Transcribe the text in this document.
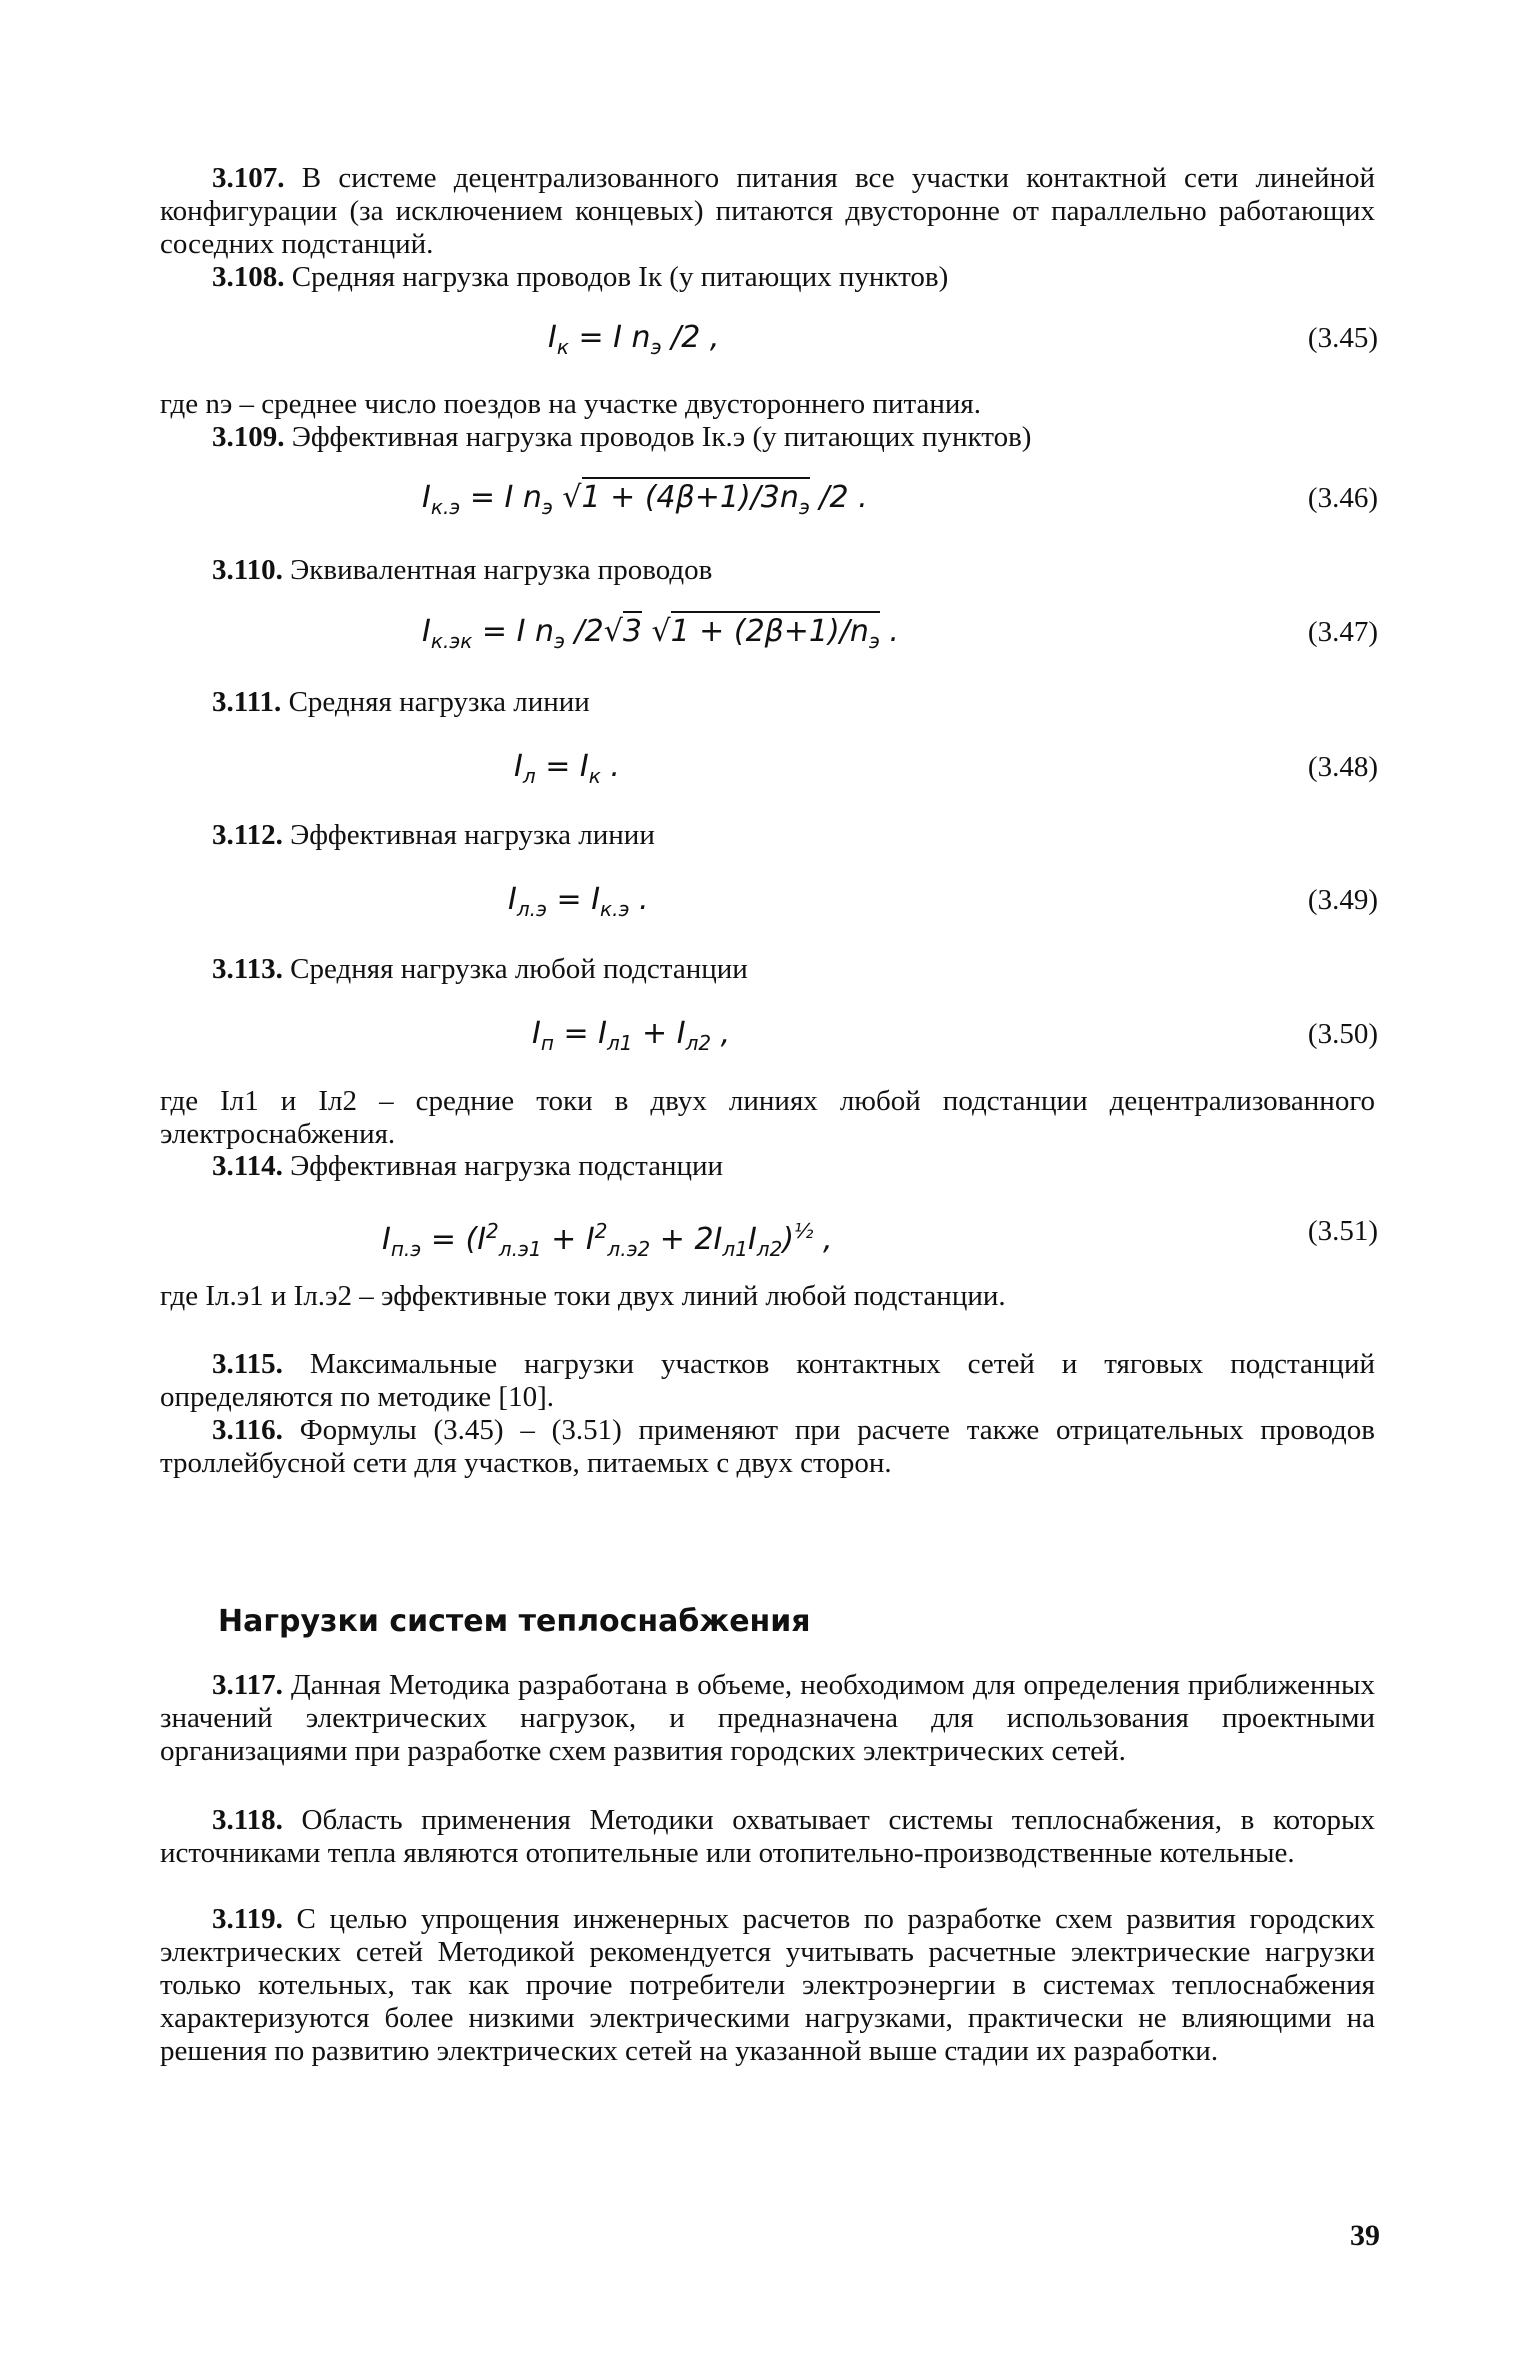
3.107. В системе децентрализованного питания все участки контактной сети линейной конфигурации (за исключением концевых) питаются двусторонне от параллельно работающих соседних подстанций.

3.108. Средняя нагрузка проводов Iк (у питающих пунктов)

$I_к = I$ $n_э$ /2 ,	(3.45)

где nэ – среднее число поездов на участке двустороннего питания.

3.109. Эффективная нагрузка проводов Iк.э (у питающих пунктов)

$I_{к.э} = I$ $n_э$ $√1 + (4\beta+1)/3n_э$ /2 .	(3.46)

3.110. Эквивалентная нагрузка проводов

$I_{к.эк} = I$ $n_э$ /2√3 $√1 + (2\beta+1)/n_э$ .	(3.47)

3.111. Средняя нагрузка линии

$I_л = I_к$ .	(3.48)

3.112. Эффективная нагрузка линии

$I_{л.э} = I_{к.э}$ .	(3.49)

3.113. Средняя нагрузка любой подстанции

$I_п = I_{л1} + I_{л2}$ ,	(3.50)

где Iл1 и Iл2 – средние токи в двух линиях любой подстанции децентрализованного электроснабжения.

3.114. Эффективная нагрузка подстанции

$I_{п.э} = (I^2_{л.э1} + I^2_{л.э2} + 2I_{л1}I_{л2})^{\frac{1}{2}}$ ,	(3.51)

где Iл.э1 и Iл.э2 – эффективные токи двух линий любой подстанции.

3.115. Максимальные нагрузки участков контактных сетей и тяговых подстанций определяются по методике [10].

3.116. Формулы (3.45) – (3.51) применяют при расчете также отрицательных проводов троллейбусной сети для участков, питаемых с двух сторон.

Нагрузки систем теплоснабжения

3.117. Данная Методика разработана в объеме, необходимом для определения приближенных значений электрических нагрузок, и предназначена для использования проектными организациями при разработке схем развития городских электрических сетей.

3.118. Область применения Методики охватывает системы теплоснабжения, в которых источниками тепла являются отопительные или отопительно-производственные котельные.

3.119. С целью упрощения инженерных расчетов по разработке схем развития городских электрических сетей Методикой рекомендуется учитывать расчетные электрические нагрузки только котельных, так как прочие потребители электроэнергии в системах теплоснабжения характеризуются более низкими электрическими нагрузками, практически не влияющими на решения по развитию электрических сетей на указанной выше стадии их разработки.

39
